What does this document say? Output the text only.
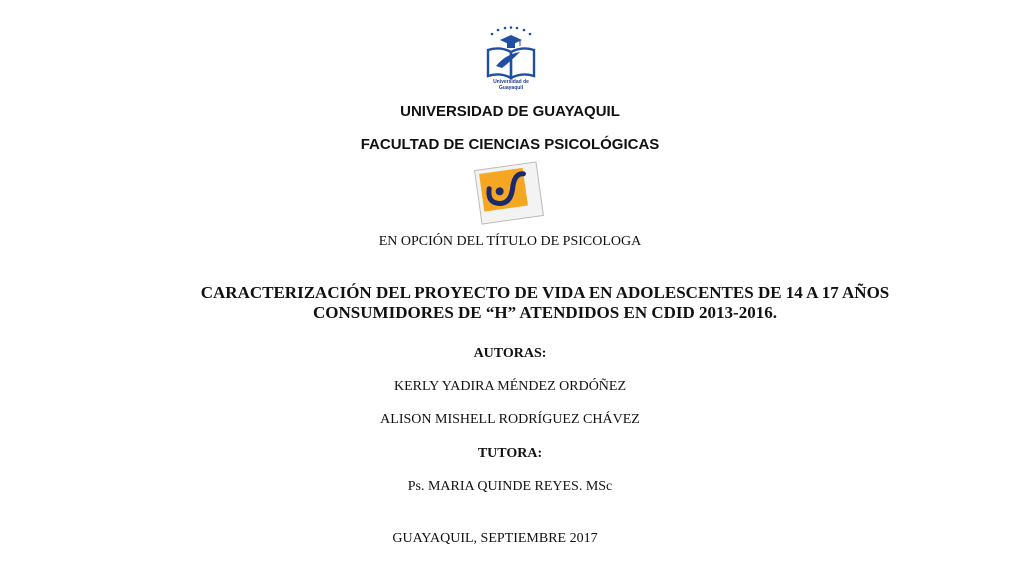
Universidad de Guayaquil
UNIVERSIDAD DE GUAYAQUIL
FACULTAD DE CIENCIAS PSICOLÓGICAS
EN OPCIÓN DEL TÍTULO DE PSICOLOGA
CARACTERIZACIÓN DEL PROYECTO DE VIDA EN ADOLESCENTES DE 14 A 17 AÑOS CONSUMIDORES DE “H” ATENDIDOS EN CDID 2013-2016.
AUTORAS:
KERLY YADIRA MÉNDEZ ORDÓÑEZ
ALISON MISHELL RODRÍGUEZ CHÁVEZ
TUTORA:
Ps. MARIA QUINDE REYES. MSc
GUAYAQUIL, SEPTIEMBRE 2017
